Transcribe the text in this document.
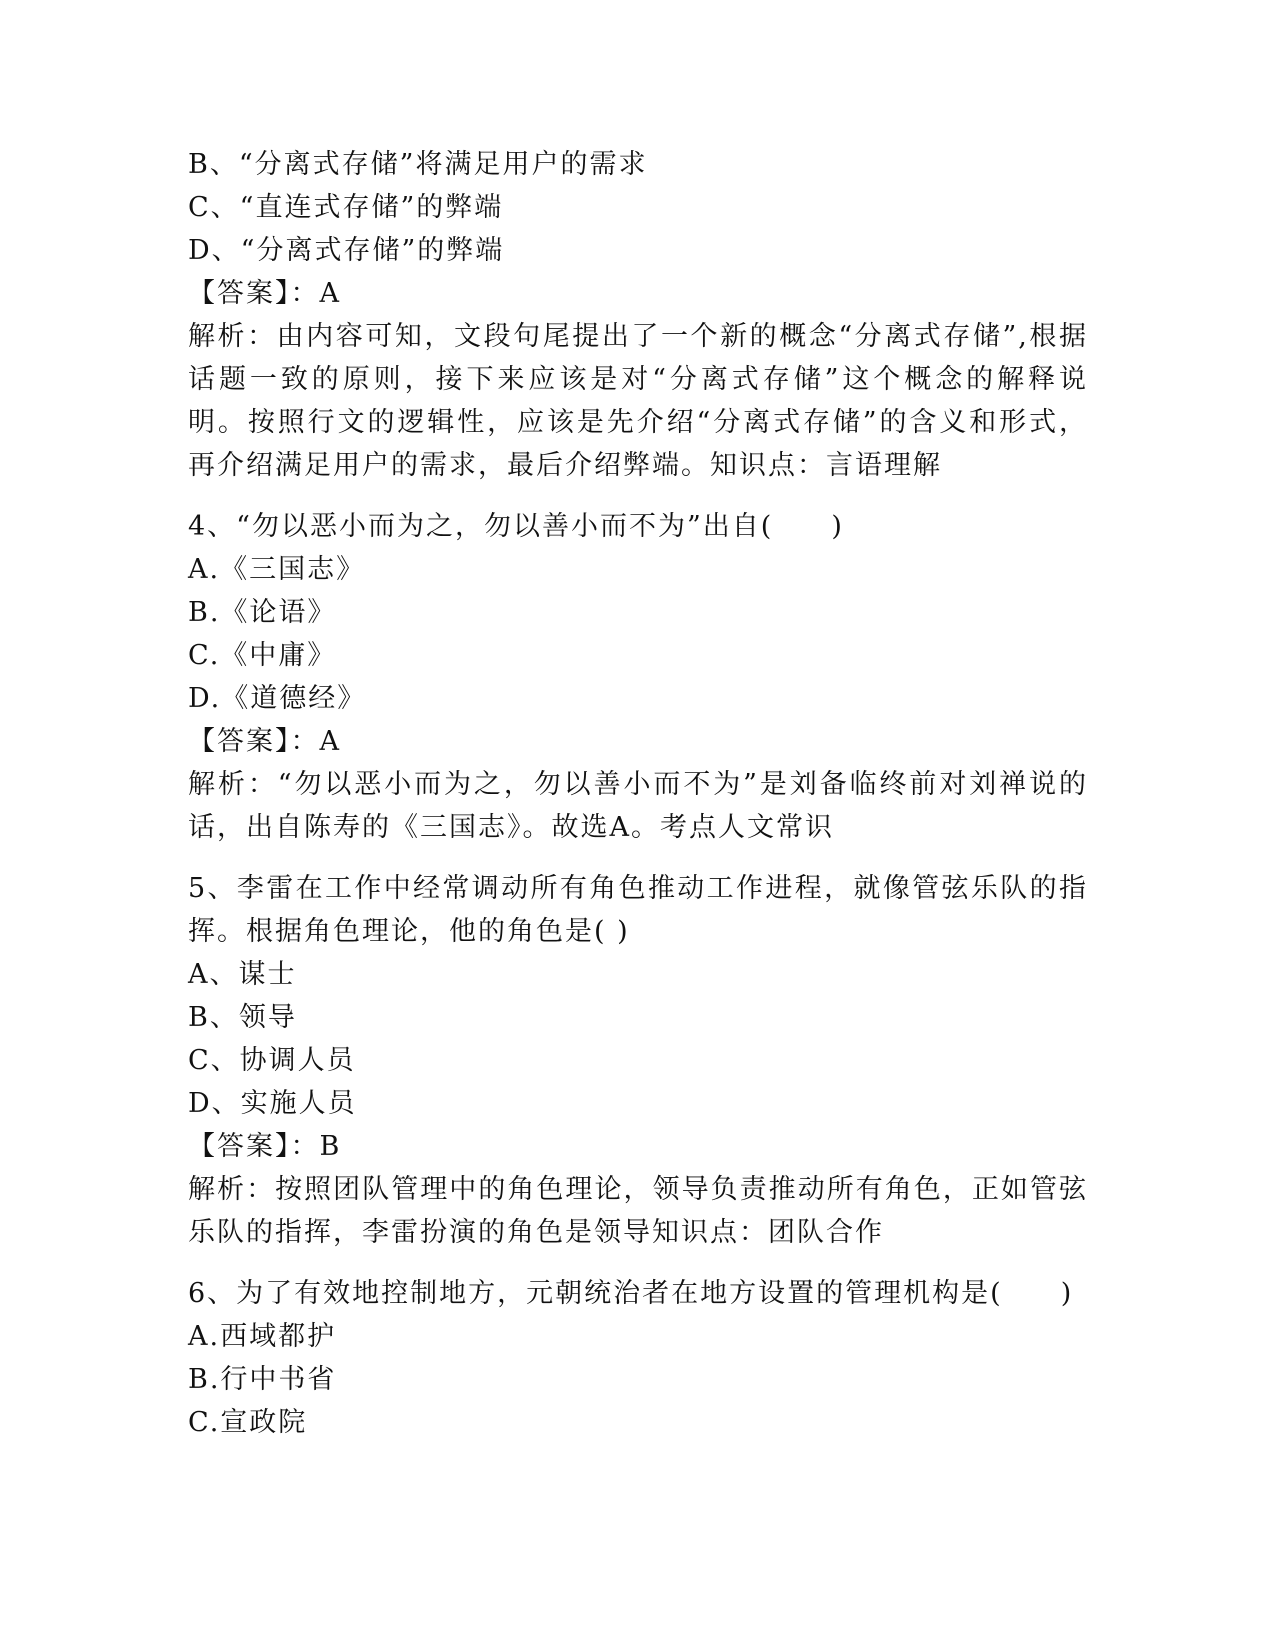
B、“分离式存储”将满足用户的需求
C、“直连式存储”的弊端
D、“分离式存储”的弊端
【答案】：A
解析：由内容可知，文段句尾提出了一个新的概念“分离式存储”,根据话题一致的原则，接下来应该是对“分离式存储”这个概念的解释说明。按照行文的逻辑性，应该是先介绍“分离式存储”的含义和形式，再介绍满足用户的需求，最后介绍弊端。知识点：言语理解
4、“勿以恶小而为之，勿以善小而不为”出自(　　)
A.《三国志》
B.《论语》
C.《中庸》
D.《道德经》
【答案】：A
解析：“勿以恶小而为之，勿以善小而不为”是刘备临终前对刘禅说的话，出自陈寿的《三国志》。故选A。考点人文常识
5、李雷在工作中经常调动所有角色推动工作进程，就像管弦乐队的指挥。根据角色理论，他的角色是( )
A、谋士
B、领导
C、协调人员
D、实施人员
【答案】：B
解析：按照团队管理中的角色理论，领导负责推动所有角色，正如管弦乐队的指挥，李雷扮演的角色是领导知识点：团队合作
6、为了有效地控制地方，元朝统治者在地方设置的管理机构是(　　)
A.西域都护
B.行中书省
C.宣政院
